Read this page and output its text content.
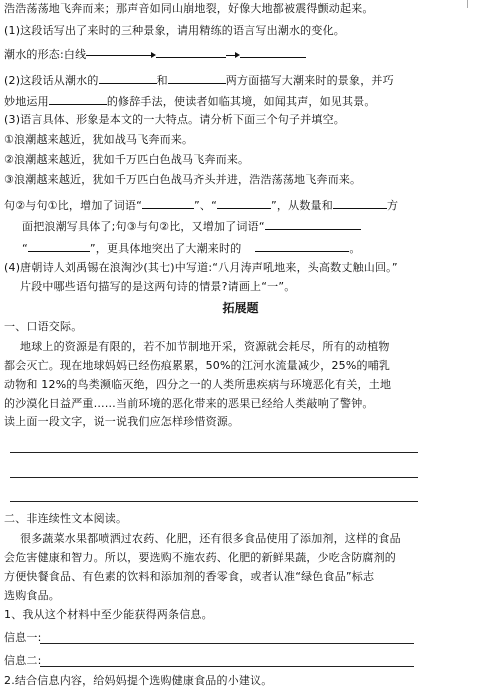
浩浩荡荡地飞奔而来；那声音如同山崩地裂，好像大地都被震得颤动起来。
(1)这段话写出了来时的三种景象，请用精练的语言写出潮水的变化。
潮水的形态:白线
(2)这段话从潮水的	和	两方面描写大潮来时的景象，并巧
妙地运用	的修辞手法，使读者如临其境，如闻其声，如见其景。
(3)语言具体、形象是本文的一大特点。请分析下面三个句子并填空。
①浪潮越来越近，犹如战马飞奔而来。
②浪潮越来越近，犹如千万匹白色战马飞奔而来。
③浪潮越来越近，犹如千万匹白色战马齐头并进，浩浩荡荡地飞奔而来。
句②与句①比，增加了词语“	”、“	”，从数量和	方
面把浪潮写具体了;句③与句②比，又增加了词语“
“	”，更具体地突出了大潮来时的	。
(4)唐朝诗人刘禹锡在浪淘沙(其七)中写道:“八月涛声吼地来，头高数丈触山回。”
片段中哪些语句描写的是这两句诗的情景?请画上“一”。
拓展题
一、口语交际。
地球上的资源是有限的，若不加节制地开采，资源就会耗尽，所有的动植物
都会灭亡。现在地球妈妈已经伤痕累累，50%的江河水流量减少，25%的哺乳
动物和 12%的鸟类濒临灭绝，四分之一的人类所患疾病与环境恶化有关，土地
的沙漠化日益严重……当前环境的恶化带来的恶果已经给人类敲响了警钟。
读上面一段文字，说一说我们应怎样珍惜资源。
二、非连续性文本阅读。
很多蔬菜水果都喷洒过农药、化肥，还有很多食品使用了添加剂，这样的食品
会危害健康和智力。所以，要选购不施农药、化肥的新鲜果蔬，少吃含防腐剂的
方便快餐食品、有色素的饮料和添加剂的香零食，或者认准“绿色食品”标志
选购食品。
1、我从这个材料中至少能获得两条信息。
信息一:
信息二:
2.结合信息内容，给妈妈提个选购健康食品的小建议。
